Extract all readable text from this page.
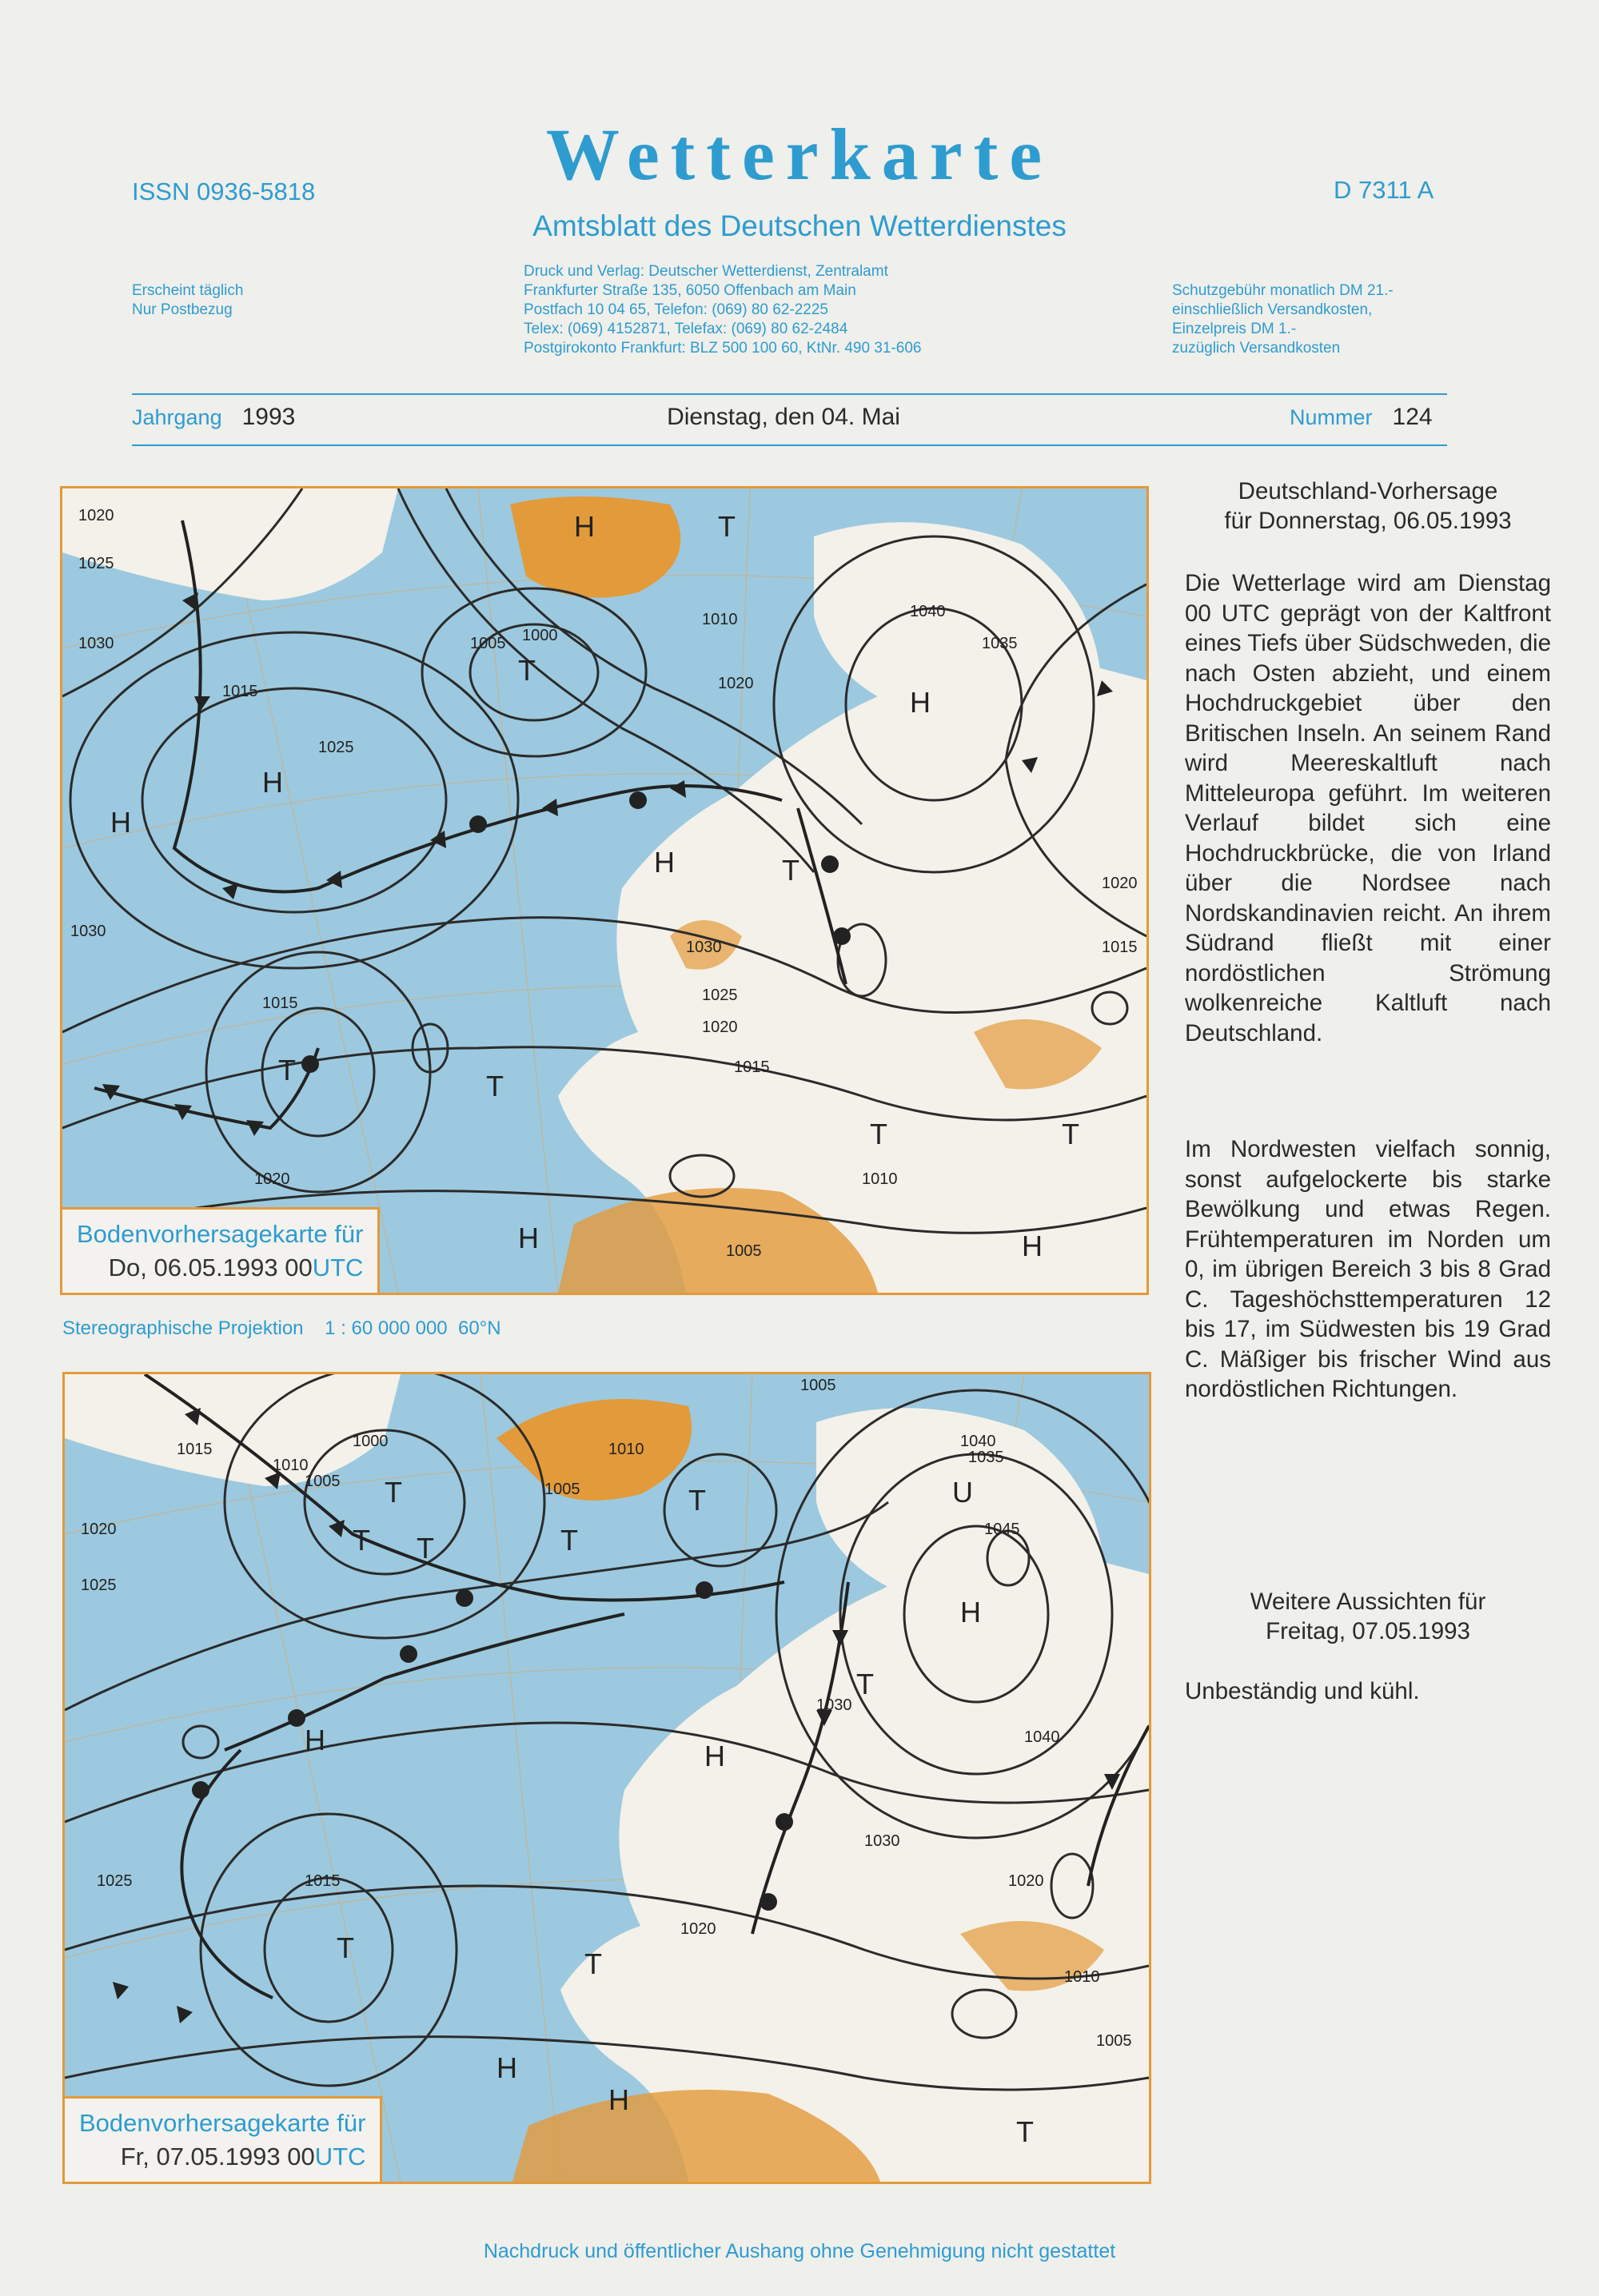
Wetterkarte
Amtsblatt des Deutschen Wetterdienstes
ISSN 0936-5818	D 7311 A
Erscheint täglich
Nur Postbezug
Druck und Verlag: Deutscher Wetterdienst, Zentralamt
Frankfurter Straße 135, 6050 Offenbach am Main
Postfach 10 04 65, Telefon: (069) 80 62-2225
Telex: (069) 4152871, Telefax: (069) 80 62-2484
Postgirokonto Frankfurt: BLZ 500 100 60, KtNr. 490 31-606
Schutzgebühr monatlich DM 21.-
einschließlich Versandkosten,
Einzelpreis DM 1.-
zuzüglich Versandkosten
Jahrgang 1993	Dienstag, den 04. Mai	Nummer 124
H
H
H
T
T
H
H	T
T	T
T	T
H	H
1020
1025
1030
1015
1025
1030
1005 1000
1010
1020
1040
1035
1030
1025
1020
1015
1020
1015
1010
1005
1015
1020
Bodenvorhersagekarte für
Do, 06.05.1993 00UTC
Stereographische Projektion    1 : 60 000 000  60°N
T
T T	T
T	U
H
H	H
T
T	T
H
H
T
1015
1010
1005
1000
1020
1025
1005
1010
1005
1040
1045
1035
1030
1020
1010
1005
1020
1015
1025
1030
1040
Bodenvorhersagekarte für
Fr, 07.05.1993 00UTC
Deutschland-Vorhersage
für Donnerstag, 06.05.1993
Die Wetterlage wird am Dienstag 00 UTC geprägt von der Kaltfront eines Tiefs über Südschweden, die nach Osten abzieht, und einem Hochdruckgebiet über den Britischen Inseln. An seinem Rand wird Meereskaltluft nach Mitteleuropa geführt. Im weiteren Verlauf bildet sich eine Hochdruckbrücke, die von Irland über die Nordsee nach Nordskandinavien reicht. An ihrem Südrand fließt mit einer nordöstlichen Strömung wolkenreiche Kaltluft nach Deutschland.
Im Nordwesten vielfach sonnig, sonst aufgelockerte bis starke Bewölkung und etwas Regen. Frühtemperaturen im Norden um 0, im übrigen Bereich 3 bis 8 Grad C. Tageshöchsttemperaturen 12 bis 17, im Südwesten bis 19 Grad C. Mäßiger bis frischer Wind aus nordöstlichen Richtungen.
Weitere Aussichten für
Freitag, 07.05.1993
Unbeständig und kühl.
Nachdruck und öffentlicher Aushang ohne Genehmigung nicht gestattet
